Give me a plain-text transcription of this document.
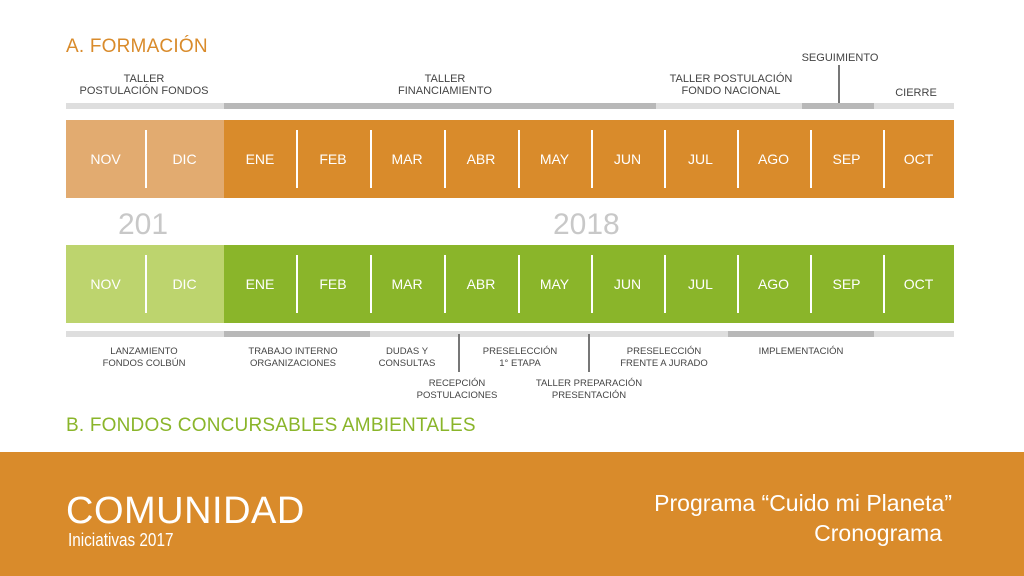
A. FORMACIÓN
TALLER
POSTULACIÓN FONDOS
TALLER
FINANCIAMIENTO
TALLER POSTULACIÓN
FONDO NACIONAL
SEGUIMIENTO
CIERRE
NOV	DIC	ENE	FEB	MAR	ABR	MAY	JUN	JUL	AGO	SEP	OCT
201	2018
NOV	DIC	ENE	FEB	MAR	ABR	MAY	JUN	JUL	AGO	SEP	OCT
LANZAMIENTO
FONDOS COLBÚN
TRABAJO INTERNO
ORGANIZACIONES
DUDAS Y
CONSULTAS
PRESELECCIÓN
1° ETAPA
PRESELECCIÓN
FRENTE A JURADO
IMPLEMENTACIÓN
RECEPCIÓN
POSTULACIONES
TALLER PREPARACIÓN
PRESENTACIÓN
B. FONDOS CONCURSABLES AMBIENTALES
COMUNIDAD
Iniciativas 2017
Programa “Cuido mi Planeta”
Cronograma
